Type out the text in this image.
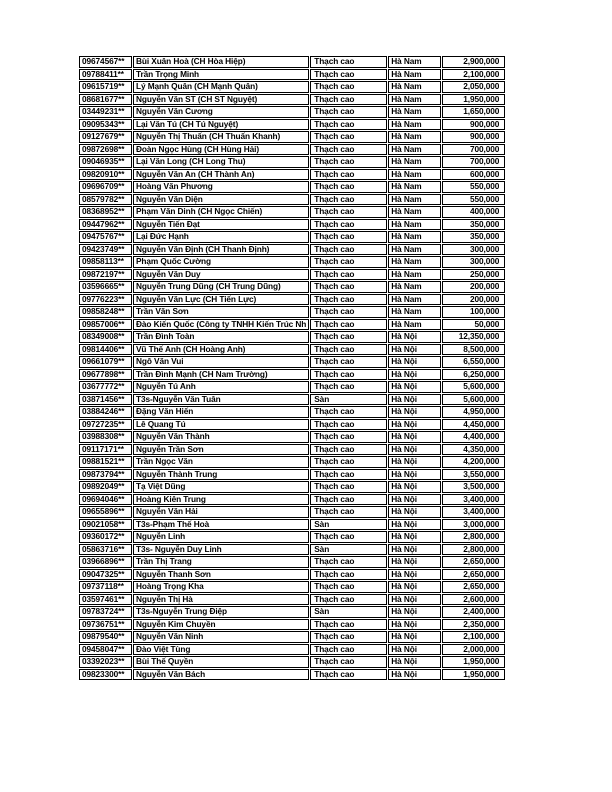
09674567**	Bùi Xuân Hoà (CH Hòa Hiệp)	Thạch cao	Hà Nam	2,900,000
09788411**	Trần Trọng Minh	Thạch cao	Hà Nam	2,100,000
09615719**	Lý Mạnh Quân (CH Mạnh Quân)	Thạch cao	Hà Nam	2,050,000
08681677**	Nguyễn Văn ST (CH ST Nguyệt)	Thạch cao	Hà Nam	1,950,000
03449231**	Nguyễn Văn Cương	Thạch cao	Hà Nam	1,650,000
09095343**	Lại Văn Tú (CH Tú Nguyệt)	Thạch cao	Hà Nam	900,000
09127679**	Nguyễn Thị Thuấn (CH Thuấn Khanh)	Thạch cao	Hà Nam	900,000
09872698**	Đoàn Ngọc Hùng (CH Hùng Hải)	Thạch cao	Hà Nam	700,000
09046935**	Lại Văn Long (CH Long Thu)	Thạch cao	Hà Nam	700,000
09820910**	Nguyễn Văn An (CH Thành An)	Thạch cao	Hà Nam	600,000
09696709**	Hoàng Văn Phương	Thạch cao	Hà Nam	550,000
08579782**	Nguyễn Văn Diện	Thạch cao	Hà Nam	550,000
08368952**	Phạm Văn Dinh (CH Ngọc Chiến)	Thạch cao	Hà Nam	400,000
09447962**	Nguyễn Tiến Đạt	Thạch cao	Hà Nam	350,000
09475767**	Lại Đức Hạnh	Thạch cao	Hà Nam	350,000
09423749**	Nguyễn Văn Định (CH Thanh Định)	Thạch cao	Hà Nam	300,000
09858113**	Phạm Quốc Cường	Thạch cao	Hà Nam	300,000
09872197**	Nguyễn Văn Duy	Thạch cao	Hà Nam	250,000
03596665**	Nguyễn Trung Dũng (CH Trung Dũng)	Thạch cao	Hà Nam	200,000
09776223**	Nguyễn Văn Lực (CH Tiến Lực)	Thạch cao	Hà Nam	200,000
09858248**	Trần Văn Sơn	Thạch cao	Hà Nam	100,000
09857006**	Đào Kiến Quốc (Công ty TNHH Kiến Trúc Nh	Thạch cao	Hà Nam	50,000
08349008**	Trần Đình Toàn	Thạch cao	Hà Nội	12,350,000
09814406**	Vũ Thế Anh (CH Hoàng Anh)	Thạch cao	Hà Nội	8,500,000
09661079**	Ngô Văn Vui	Thạch cao	Hà Nội	6,550,000
09677898**	Trần Đình Mạnh (CH Nam Trường)	Thạch cao	Hà Nội	6,250,000
03677772**	Nguyễn Tú Anh	Thạch cao	Hà Nội	5,600,000
03871456**	T3s-Nguyễn Văn Tuân	Sàn	Hà Nội	5,600,000
03884246**	Đặng Văn Hiến	Thạch cao	Hà Nội	4,950,000
09727235**	Lê Quang Tú	Thạch cao	Hà Nội	4,450,000
03988308**	Nguyễn Văn Thành	Thạch cao	Hà Nội	4,400,000
09117171**	Nguyễn Trần Sơn	Thạch cao	Hà Nội	4,350,000
09881521**	Trần Ngọc Văn	Thạch cao	Hà Nội	4,200,000
09873794**	Nguyễn Thành Trung	Thạch cao	Hà Nội	3,550,000
09892049**	Tạ Việt Dũng	Thạch cao	Hà Nội	3,500,000
09694046**	Hoàng Kiên Trung	Thạch cao	Hà Nội	3,400,000
09655896**	Nguyễn Văn Hải	Thạch cao	Hà Nội	3,400,000
09021058**	T3s-Phạm Thế Hoà	Sàn	Hà Nội	3,000,000
09360172**	Nguyễn Linh	Thạch cao	Hà Nội	2,800,000
05863716**	T3s- Nguyễn Duy Linh	Sàn	Hà Nội	2,800,000
03966896**	Trần Thị Trang	Thạch cao	Hà Nội	2,650,000
09047325**	Nguyễn Thanh Sơn	Thạch cao	Hà Nội	2,650,000
09737118**	Hoàng Trọng Kha	Thạch cao	Hà Nội	2,650,000
03597461**	Nguyễn Thị Hà	Thạch cao	Hà Nội	2,600,000
09783724**	T3s-Nguyễn Trung Điệp	Sàn	Hà Nội	2,400,000
09736751**	Nguyễn Kim Chuyền	Thạch cao	Hà Nội	2,350,000
09879540**	Nguyễn Văn Ninh	Thạch cao	Hà Nội	2,100,000
09458047**	Đào Việt Tùng	Thạch cao	Hà Nội	2,000,000
03392023**	Bùi Thế Quyền	Thạch cao	Hà Nội	1,950,000
09823300**	Nguyễn Văn Bách	Thạch cao	Hà Nội	1,950,000
